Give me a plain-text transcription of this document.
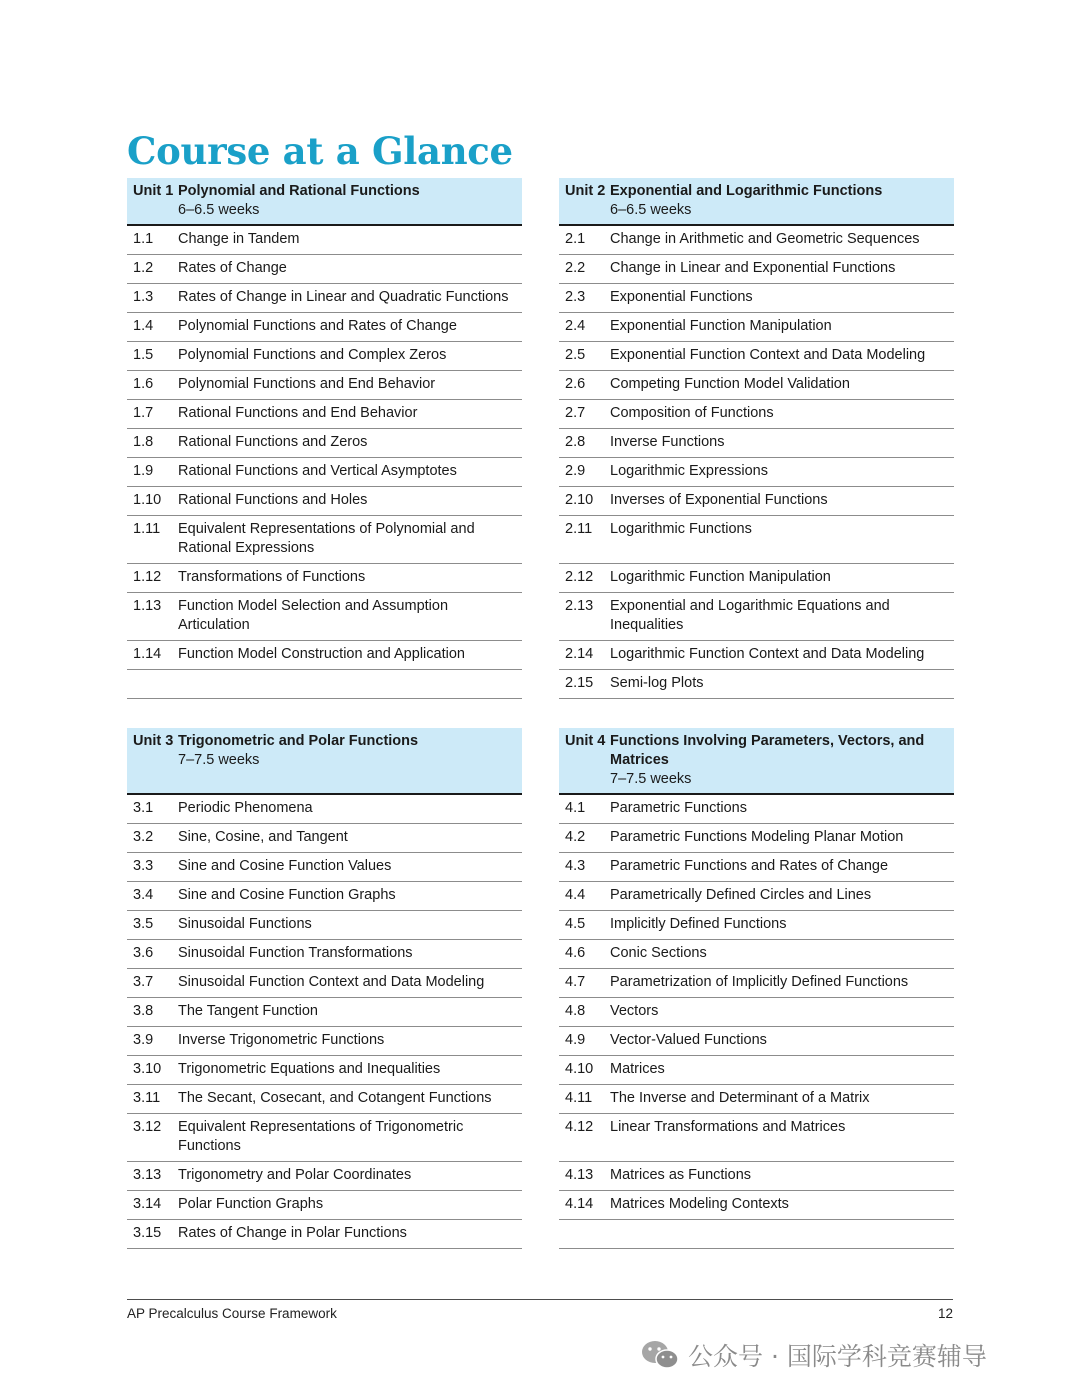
Course at a Glance
Unit 1	Polynomial and Rational Functions
6–6.5 weeks
1.1	Change in Tandem
1.2	Rates of Change
1.3	Rates of Change in Linear and Quadratic Functions
1.4	Polynomial Functions and Rates of Change
1.5	Polynomial Functions and Complex Zeros
1.6	Polynomial Functions and End Behavior
1.7	Rational Functions and End Behavior
1.8	Rational Functions and Zeros
1.9	Rational Functions and Vertical Asymptotes
1.10	Rational Functions and Holes
1.11	Equivalent Representations of Polynomial and Rational Expressions
1.12	Transformations of Functions
1.13	Function Model Selection and Assumption Articulation
1.14	Function Model Construction and Application

Unit 2	Exponential and Logarithmic Functions
6–6.5 weeks
2.1	Change in Arithmetic and Geometric Sequences
2.2	Change in Linear and Exponential Functions
2.3	Exponential Functions
2.4	Exponential Function Manipulation
2.5	Exponential Function Context and Data Modeling
2.6	Competing Function Model Validation
2.7	Composition of Functions
2.8	Inverse Functions
2.9	Logarithmic Expressions
2.10	Inverses of Exponential Functions
2.11	Logarithmic Functions
2.12	Logarithmic Function Manipulation
2.13	Exponential and Logarithmic Equations and Inequalities
2.14	Logarithmic Function Context and Data Modeling
2.15	Semi-log Plots
Unit 3	Trigonometric and Polar Functions
7–7.5 weeks
3.1	Periodic Phenomena
3.2	Sine, Cosine, and Tangent
3.3	Sine and Cosine Function Values
3.4	Sine and Cosine Function Graphs
3.5	Sinusoidal Functions
3.6	Sinusoidal Function Transformations
3.7	Sinusoidal Function Context and Data Modeling
3.8	The Tangent Function
3.9	Inverse Trigonometric Functions
3.10	Trigonometric Equations and Inequalities
3.11	The Secant, Cosecant, and Cotangent Functions
3.12	Equivalent Representations of Trigonometric Functions
3.13	Trigonometry and Polar Coordinates
3.14	Polar Function Graphs
3.15	Rates of Change in Polar Functions
Unit 4	Functions Involving Parameters, Vectors, and Matrices
7–7.5 weeks
4.1	Parametric Functions
4.2	Parametric Functions Modeling Planar Motion
4.3	Parametric Functions and Rates of Change
4.4	Parametrically Defined Circles and Lines
4.5	Implicitly Defined Functions
4.6	Conic Sections
4.7	Parametrization of Implicitly Defined Functions
4.8	Vectors
4.9	Vector-Valued Functions
4.10	Matrices
4.11	The Inverse and Determinant of a Matrix
4.12	Linear Transformations and Matrices
4.13	Matrices as Functions
4.14	Matrices Modeling Contexts

AP Precalculus Course Framework	12
公众号 · 国际学科竞赛辅导
